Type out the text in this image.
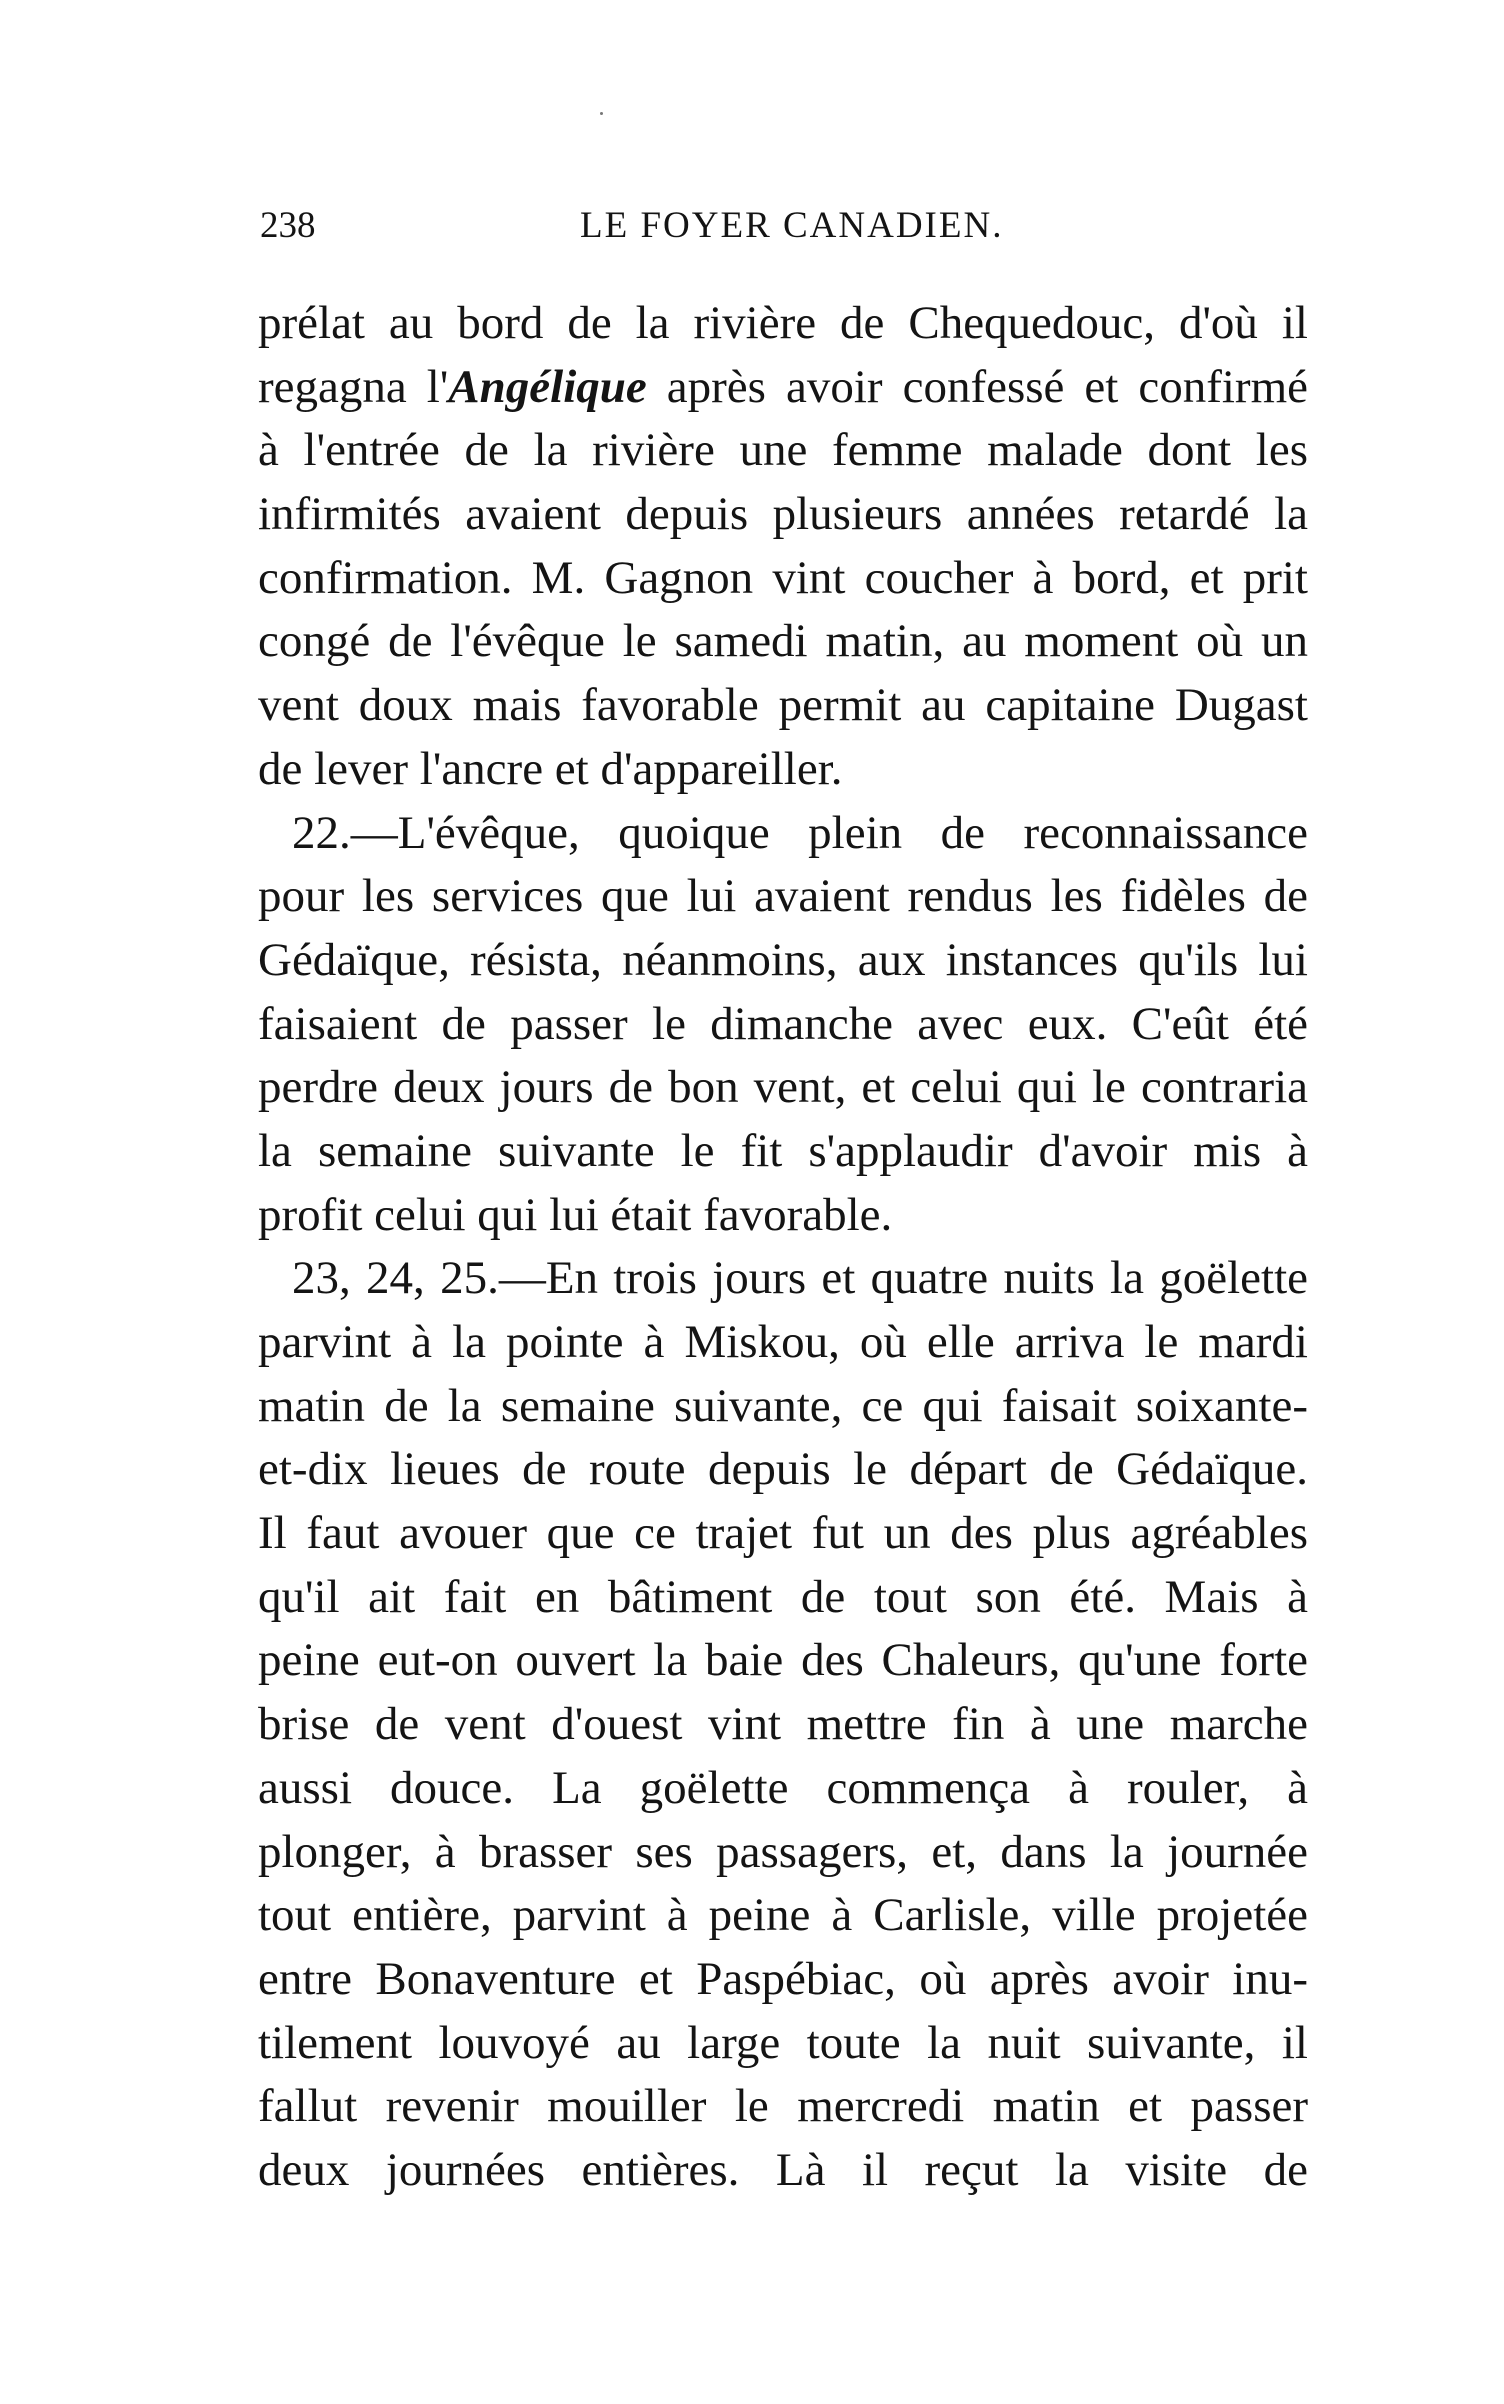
238	LE FOYER CANADIEN.
prélat au bord de la rivière de Chequedouc, d'où il
regagna l'Angélique après avoir confessé et confirmé
à l'entrée de la rivière une femme malade dont les
infirmités avaient depuis plusieurs années retardé la
confirmation. M. Gagnon vint coucher à bord, et prit
congé de l'évêque le samedi matin, au moment où un
vent doux mais favorable permit au capitaine Dugast
de lever l'ancre et d'appareiller.
22.—L'évêque, quoique plein de reconnaissance
pour les services que lui avaient rendus les fidèles de
Gédaïque, résista, néanmoins, aux instances qu'ils lui
faisaient de passer le dimanche avec eux. C'eût été
perdre deux jours de bon vent, et celui qui le contraria
la semaine suivante le fit s'applaudir d'avoir mis à
profit celui qui lui était favorable.
23, 24, 25.—En trois jours et quatre nuits la goëlette
parvint à la pointe à Miskou, où elle arriva le mardi
matin de la semaine suivante, ce qui faisait soixante-
et-dix lieues de route depuis le départ de Gédaïque.
Il faut avouer que ce trajet fut un des plus agréables
qu'il ait fait en bâtiment de tout son été. Mais à
peine eut-on ouvert la baie des Chaleurs, qu'une forte
brise de vent d'ouest vint mettre fin à une marche
aussi douce. La goëlette commença à rouler, à
plonger, à brasser ses passagers, et, dans la journée
tout entière, parvint à peine à Carlisle, ville projetée
entre Bonaventure et Paspébiac, où après avoir inu-
tilement louvoyé au large toute la nuit suivante, il
fallut revenir mouiller le mercredi matin et passer
deux journées entières. Là il reçut la visite de
